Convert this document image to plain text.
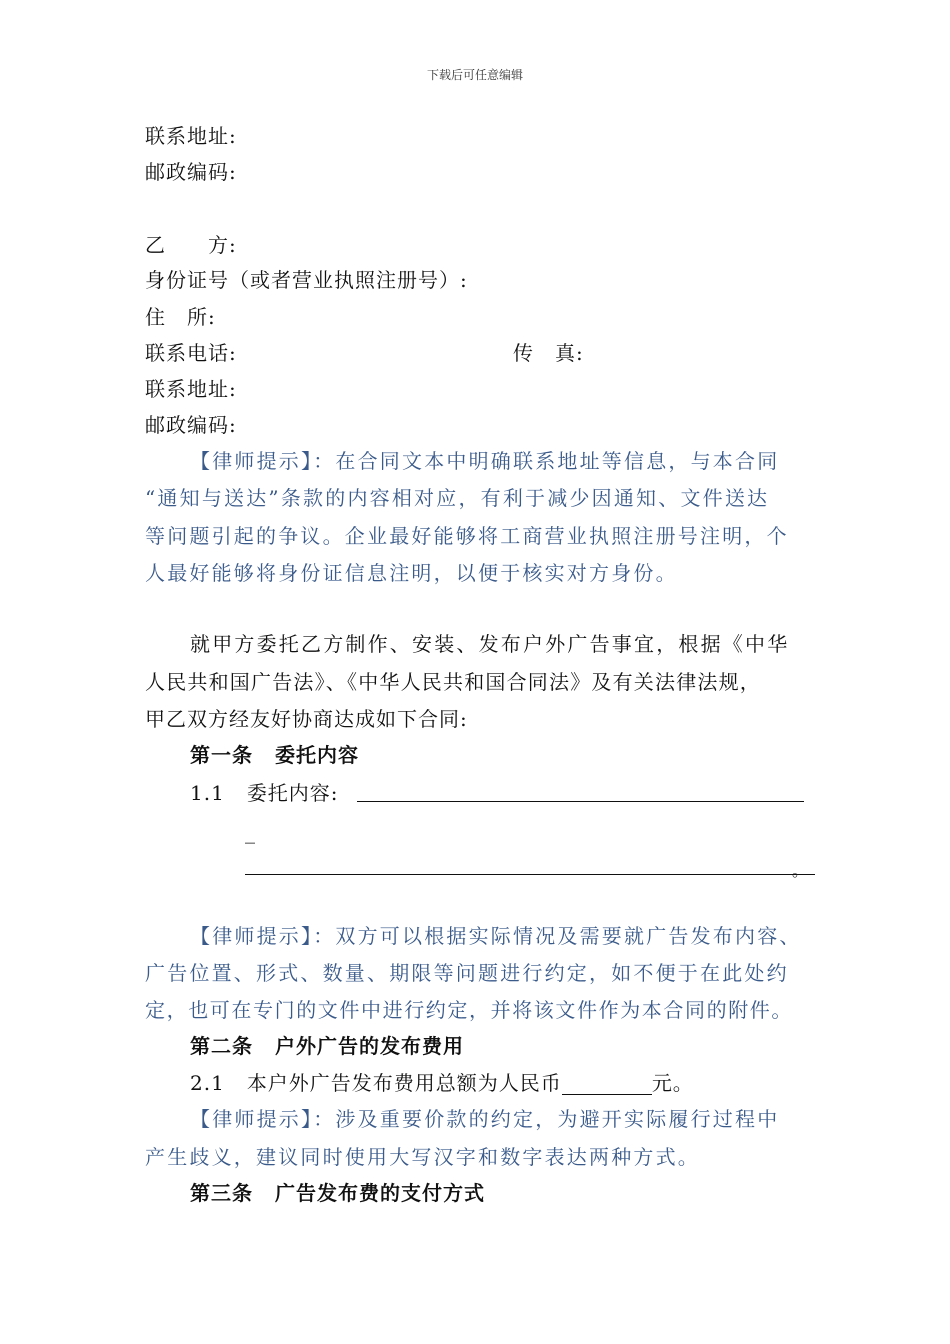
下载后可任意编辑
联系地址:
邮政编码:
乙　　方:
身份证号（或者营业执照注册号）:
住　所:
联系电话:	传　真:
联系地址:
邮政编码:
【律师提示】：在合同文本中明确联系地址等信息，与本合同
“通知与送达”条款的内容相对应，有利于减少因通知、文件送达
等问题引起的争议。企业最好能够将工商营业执照注册号注明，个
人最好能够将身份证信息注明，以便于核实对方身份。
就甲方委托乙方制作、安装、发布户外广告事宜，根据《中华
人民共和国广告法》、《中华人民共和国合同法》及有关法律法规，
甲乙双方经友好协商达成如下合同:
第一条 委托内容
1.1 委托内容:
_
。
【律师提示】：双方可以根据实际情况及需要就广告发布内容、
广告位置、形式、数量、期限等问题进行约定，如不便于在此处约
定，也可在专门的文件中进行约定，并将该文件作为本合同的附件。
第二条 户外广告的发布费用
2.1 本户外广告发布费用总额为人民币	元。
【律师提示】：涉及重要价款的约定，为避开实际履行过程中
产生歧义，建议同时使用大写汉字和数字表达两种方式。
第三条 广告发布费的支付方式
